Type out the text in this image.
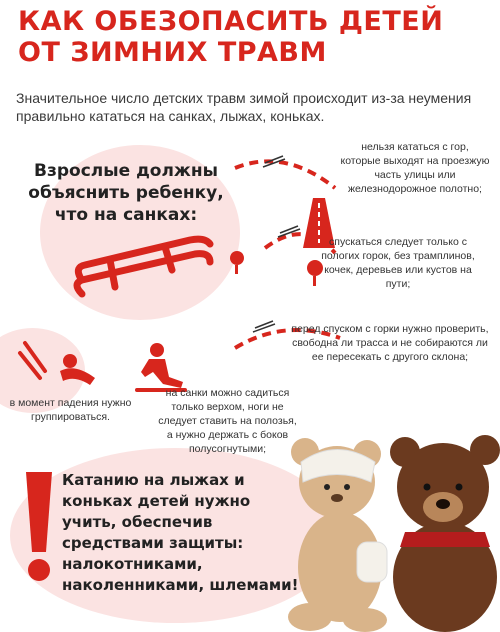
КАК ОБЕЗОПАСИТЬ ДЕТЕЙ
ОТ ЗИМНИХ ТРАВМ
Значительное число детских травм зимой происходит из-за неумения правильно кататься на санках, лыжах, коньках.
Взрослые должны объяснить ребенку, что на санках:
нельзя кататься с гор, которые выходят на проезжую часть улицы или железнодорожное полотно;
спускаться следует только с пологих горок, без трамплинов, кочек, деревьев или кустов на пути;
перед спуском с горки нужно проверить, свободна ли трасса и не собираются ли ее пересекать с другого склона;
в момент падения нужно группироваться.
на санки можно садиться только верхом, ноги не следует ставить на полозья, а нужно держать с боков полусогнутыми;
Катанию на лыжах и коньках детей нужно учить, обеспечив средствами защиты: налокотниками, наколенниками, шлемами!
